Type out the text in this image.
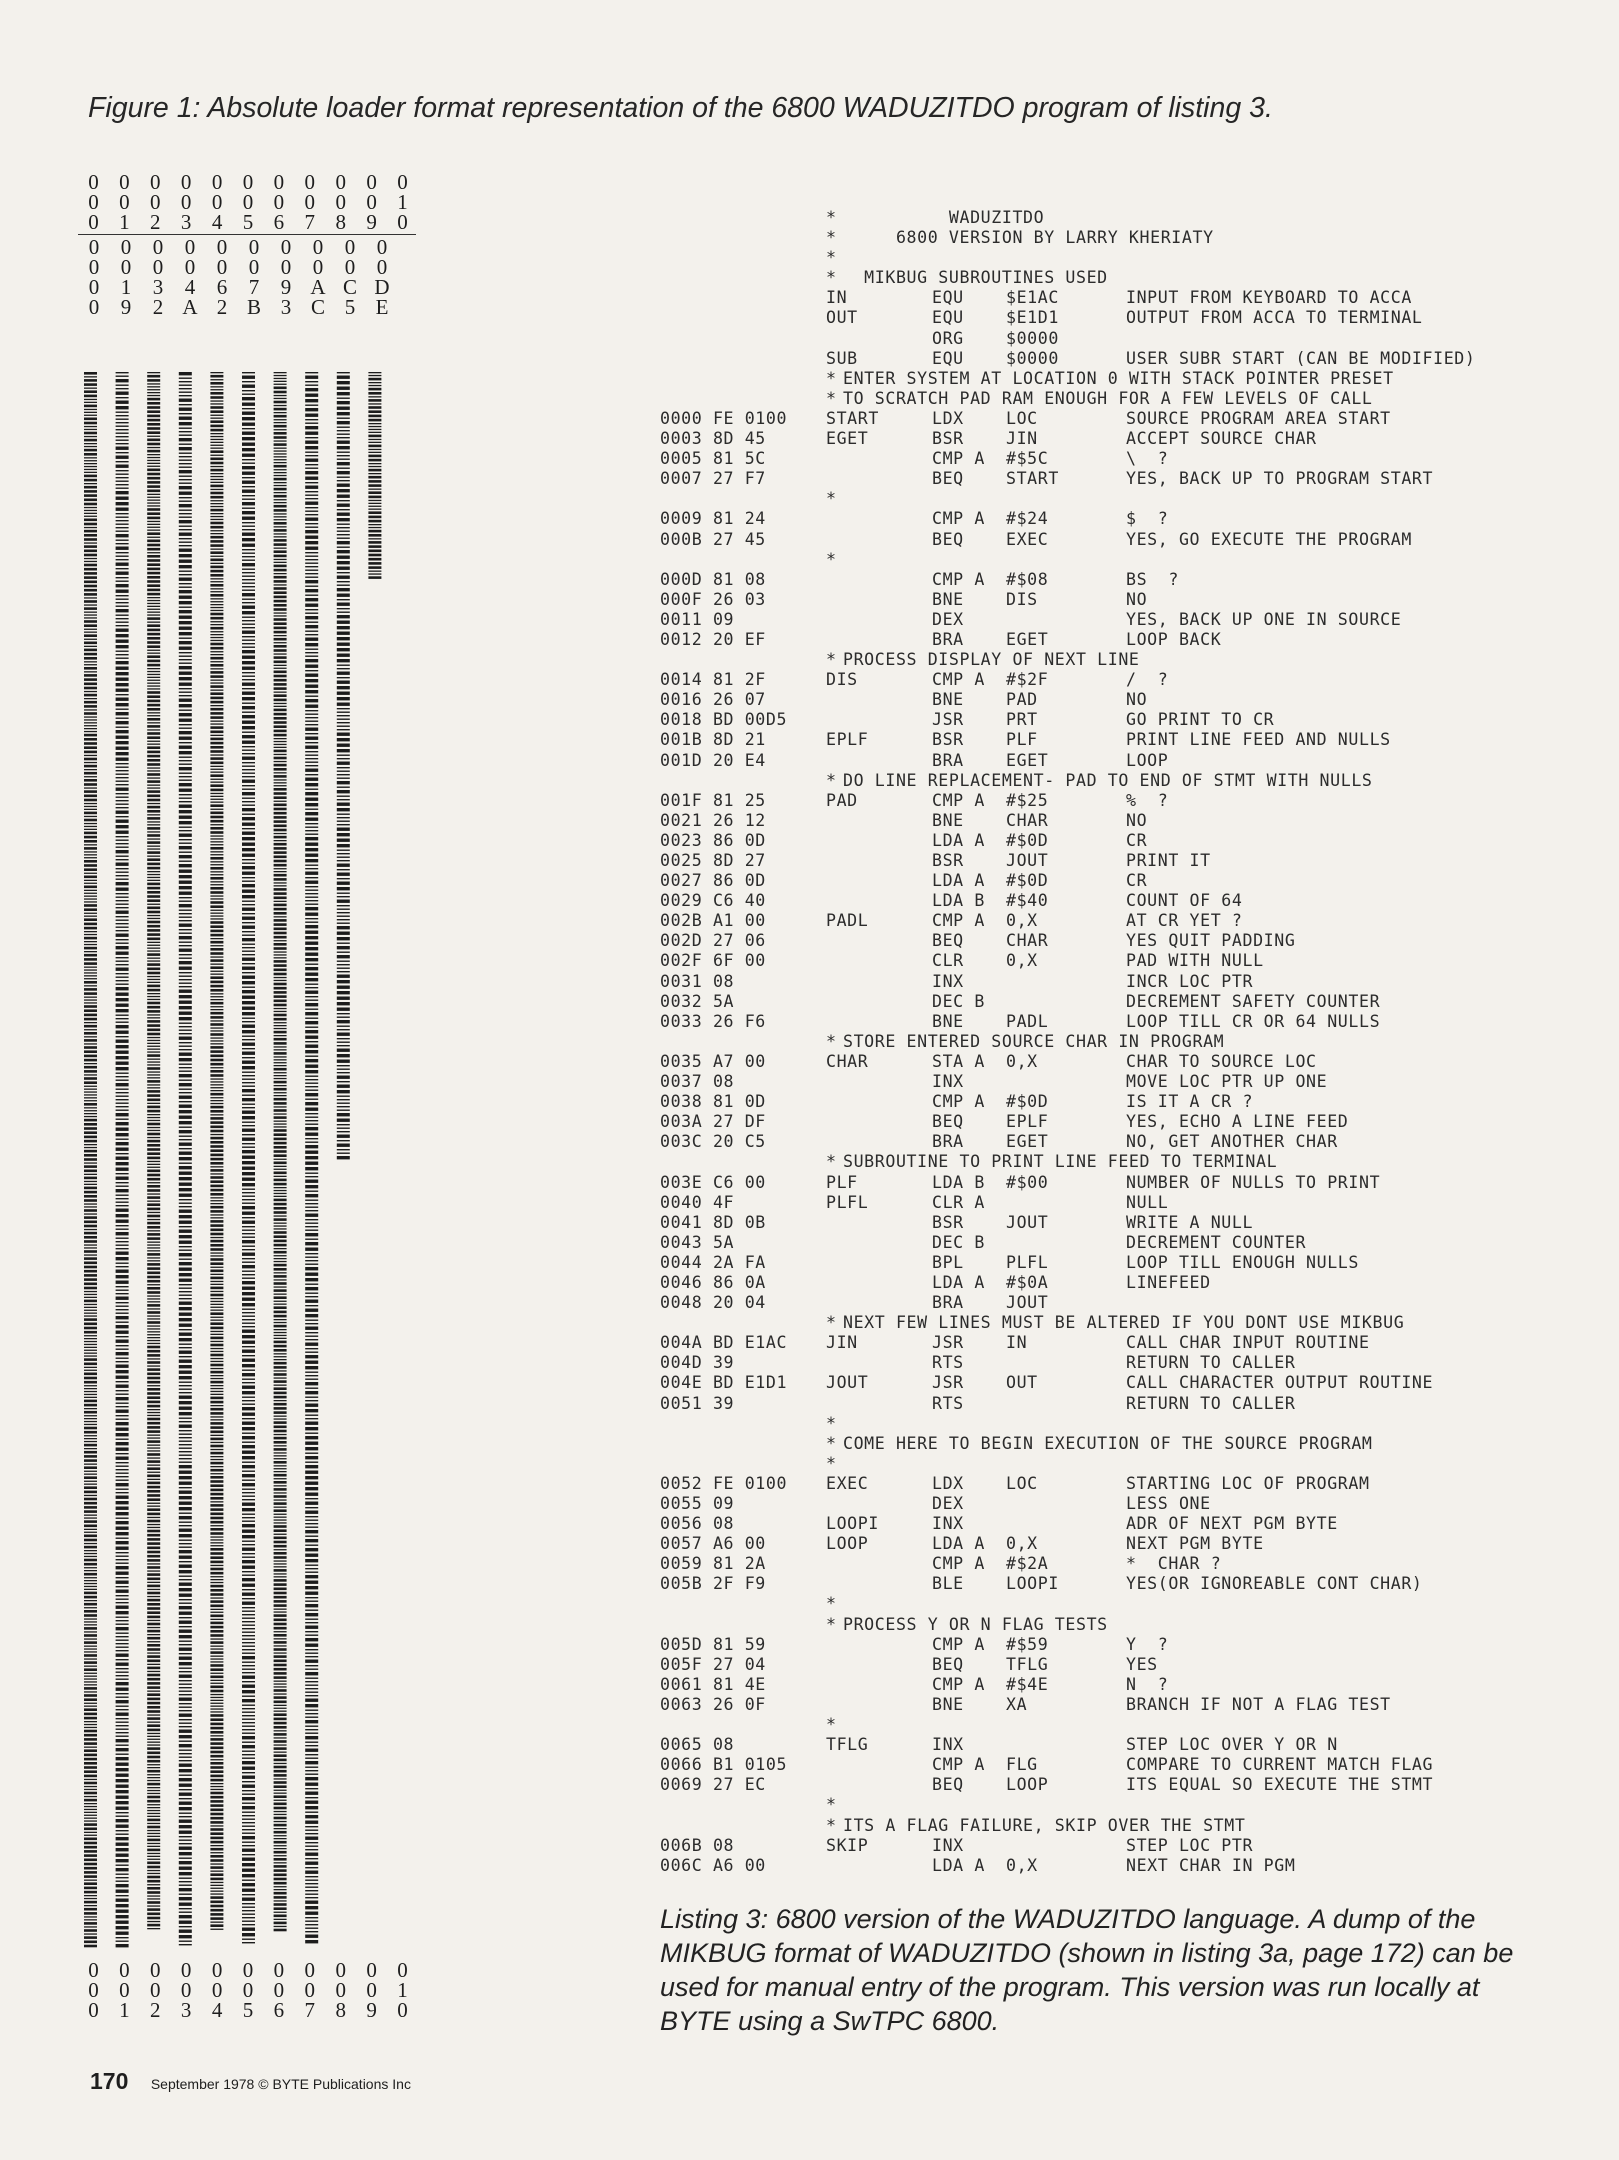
Figure 1: Absolute loader format representation of the 6800 WADUZITDO program of listing 3.
0 0 0 0 0 0 0 0 0 0 0
0 0 0 0 0 0 0 0 0 0 1
0 1 2 3 4 5 6 7 8 9 0
0	0	0	0	0	0	0	0	0	0
0	0	0	0	0	0	0	0	0	0
0	1	3	4	6	7	9 A C D
0	9	2 A 2 B 3 C 5 E
0 0 0 0 0 0 0 0 0 0 0
0 0 0 0 0 0 0 0 0 0 1
0 1 2 3 4 5 6 7 8 9 0
* WADUZITDO
* 6800 VERSION BY LARRY KHERIATY
*
* MIKBUG SUBROUTINES USED
IN	EQU	$E1AC	INPUT FROM KEYBOARD TO ACCA
OUT	EQU	$E1D1	OUTPUT FROM ACCA TO TERMINAL
ORG	$0000
SUB	EQU	$0000	USER SUBR START (CAN BE MODIFIED)
* ENTER SYSTEM AT LOCATION 0 WITH STACK POINTER PRESET
* TO SCRATCH PAD RAM ENOUGH FOR A FEW LEVELS OF CALL
0000 FE 0100 START	LDX	LOC	SOURCE PROGRAM AREA START
0003 8D 45	EGET	BSR	JIN	ACCEPT SOURCE CHAR
0005 81 5C	CMP A #$5C	\  ?
0007 27 F7	BEQ	START	YES, BACK UP TO PROGRAM START
*
0009 81 24	CMP A #$24	$  ?
000B 27 45	BEQ	EXEC	YES, GO EXECUTE THE PROGRAM
*
000D 81 08	CMP A #$08	BS  ?
000F 26 03	BNE	DIS	NO
0011 09	DEX	YES, BACK UP ONE IN SOURCE
0012 20 EF	BRA	EGET	LOOP BACK
* PROCESS DISPLAY OF NEXT LINE
0014 81 2F	DIS	CMP A #$2F	/  ?
0016 26 07	BNE	PAD	NO
0018 BD 00D5	JSR	PRT	GO PRINT TO CR
001B 8D 21	EPLF	BSR	PLF	PRINT LINE FEED AND NULLS
001D 20 E4	BRA	EGET	LOOP
* DO LINE REPLACEMENT- PAD TO END OF STMT WITH NULLS
001F 81 25	PAD	CMP A #$25	%  ?
0021 26 12	BNE	CHAR	NO
0023 86 0D	LDA A #$0D	CR
0025 8D 27	BSR	JOUT	PRINT IT
0027 86 0D	LDA A #$0D	CR
0029 C6 40	LDA B #$40	COUNT OF 64
002B A1 00	PADL	CMP A 0,X	AT CR YET ?
002D 27 06	BEQ	CHAR	YES QUIT PADDING
002F 6F 00	CLR	0,X	PAD WITH NULL
0031 08	INX	INCR LOC PTR
0032 5A	DEC B	DECREMENT SAFETY COUNTER
0033 26 F6	BNE	PADL	LOOP TILL CR OR 64 NULLS
* STORE ENTERED SOURCE CHAR IN PROGRAM
0035 A7 00	CHAR	STA A 0,X	CHAR TO SOURCE LOC
0037 08	INX	MOVE LOC PTR UP ONE
0038 81 0D	CMP A #$0D	IS IT A CR ?
003A 27 DF	BEQ	EPLF	YES, ECHO A LINE FEED
003C 20 C5	BRA	EGET	NO, GET ANOTHER CHAR
* SUBROUTINE TO PRINT LINE FEED TO TERMINAL
003E C6 00	PLF	LDA B #$00	NUMBER OF NULLS TO PRINT
0040 4F	PLFL	CLR A	NULL
0041 8D 0B	BSR	JOUT	WRITE A NULL
0043 5A	DEC B	DECREMENT COUNTER
0044 2A FA	BPL	PLFL	LOOP TILL ENOUGH NULLS
0046 86 0A	LDA A #$0A	LINEFEED
0048 20 04	BRA	JOUT
* NEXT FEW LINES MUST BE ALTERED IF YOU DONT USE MIKBUG
004A BD E1AC JIN	JSR	IN	CALL CHAR INPUT ROUTINE
004D 39	RTS	RETURN TO CALLER
004E BD E1D1 JOUT	JSR	OUT	CALL CHARACTER OUTPUT ROUTINE
0051 39	RTS	RETURN TO CALLER
*
* COME HERE TO BEGIN EXECUTION OF THE SOURCE PROGRAM
*
0052 FE 0100 EXEC	LDX	LOC	STARTING LOC OF PROGRAM
0055 09	DEX	LESS ONE
0056 08	LOOPI	INX	ADR OF NEXT PGM BYTE
0057 A6 00	LOOP	LDA A 0,X	NEXT PGM BYTE
0059 81 2A	CMP A #$2A	*  CHAR ?
005B 2F F9	BLE	LOOPI	YES(OR IGNOREABLE CONT CHAR)
*
* PROCESS Y OR N FLAG TESTS
005D 81 59	CMP A #$59	Y  ?
005F 27 04	BEQ	TFLG	YES
0061 81 4E	CMP A #$4E	N  ?
0063 26 0F	BNE	XA	BRANCH IF NOT A FLAG TEST
*
0065 08	TFLG	INX	STEP LOC OVER Y OR N
0066 B1 0105	CMP A FLG	COMPARE TO CURRENT MATCH FLAG
0069 27 EC	BEQ	LOOP	ITS EQUAL SO EXECUTE THE STMT
*
* ITS A FLAG FAILURE, SKIP OVER THE STMT
006B 08	SKIP	INX	STEP LOC PTR
006C A6 00	LDA A 0,X	NEXT CHAR IN PGM
Listing 3: 6800 version of the WADUZITDO language. A dump of the MIKBUG format of WADUZITDO (shown in listing 3a, page 172) can be used for manual entry of the program. This version was run locally at BYTE using a SwTPC 6800.
170 September 1978 © BYTE Publications Inc
